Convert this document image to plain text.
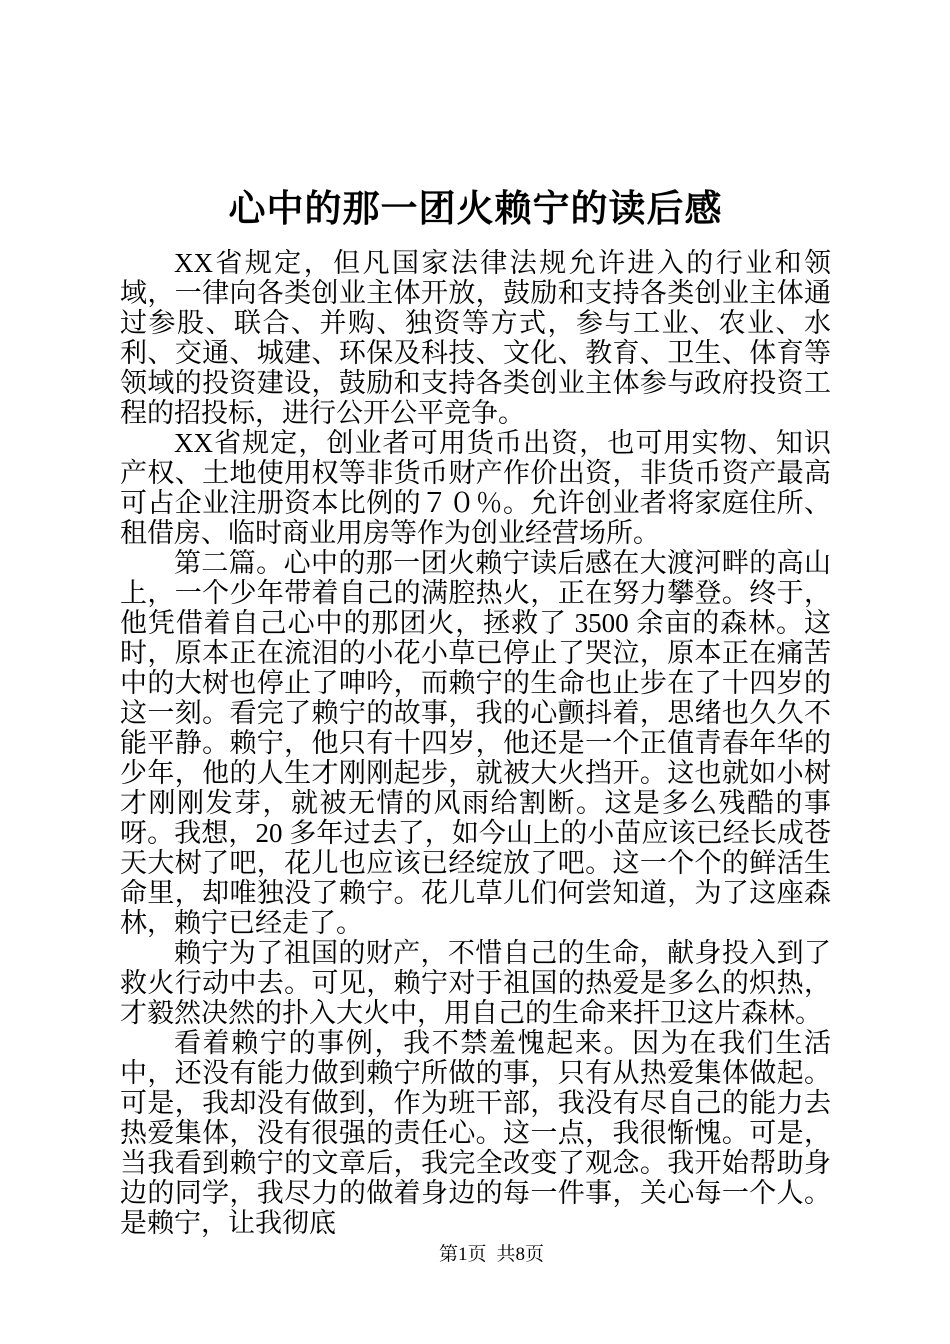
心中的那一团火赖宁的读后感

XX省规定，但凡国家法律法规允许进入的行业和领域，一律向各类创业主体开放，鼓励和支持各类创业主体通过参股、联合、并购、独资等方式，参与工业、农业、水利、交通、城建、环保及科技、文化、教育、卫生、体育等领域的投资建设，鼓励和支持各类创业主体参与政府投资工程的招投标，进行公开公平竞争。

XX省规定，创业者可用货币出资，也可用实物、知识产权、土地使用权等非货币财产作价出资，非货币资产最高可占企业注册资本比例的７０％。允许创业者将家庭住所、租借房、临时商业用房等作为创业经营场所。

第二篇。心中的那一团火赖宁读后感在大渡河畔的高山上，一个少年带着自己的满腔热火，正在努力攀登。终于，他凭借着自己心中的那团火，拯救了 3500 余亩的森林。这时，原本正在流泪的小花小草已停止了哭泣，原本正在痛苦中的大树也停止了呻吟，而赖宁的生命也止步在了十四岁的这一刻。看完了赖宁的故事，我的心颤抖着，思绪也久久不能平静。赖宁，他只有十四岁，他还是一个正值青春年华的少年，他的人生才刚刚起步，就被大火挡开。这也就如小树才刚刚发芽，就被无情的风雨给割断。这是多么残酷的事呀。我想，20 多年过去了，如今山上的小苗应该已经长成苍天大树了吧，花儿也应该已经绽放了吧。这一个个的鲜活生命里，却唯独没了赖宁。花儿草儿们何尝知道，为了这座森林，赖宁已经走了。

赖宁为了祖国的财产，不惜自己的生命，献身投入到了救火行动中去。可见，赖宁对于祖国的热爱是多么的炽热，才毅然决然的扑入大火中，用自己的生命来扞卫这片森林。

看着赖宁的事例，我不禁羞愧起来。因为在我们生活中，还没有能力做到赖宁所做的事，只有从热爱集体做起。可是，我却没有做到，作为班干部，我没有尽自己的能力去热爱集体，没有很强的责任心。这一点，我很惭愧。可是，当我看到赖宁的文章后，我完全改变了观念。我开始帮助身边的同学，我尽力的做着身边的每一件事，关心每一个人。是赖宁，让我彻底

第1页 共8页
